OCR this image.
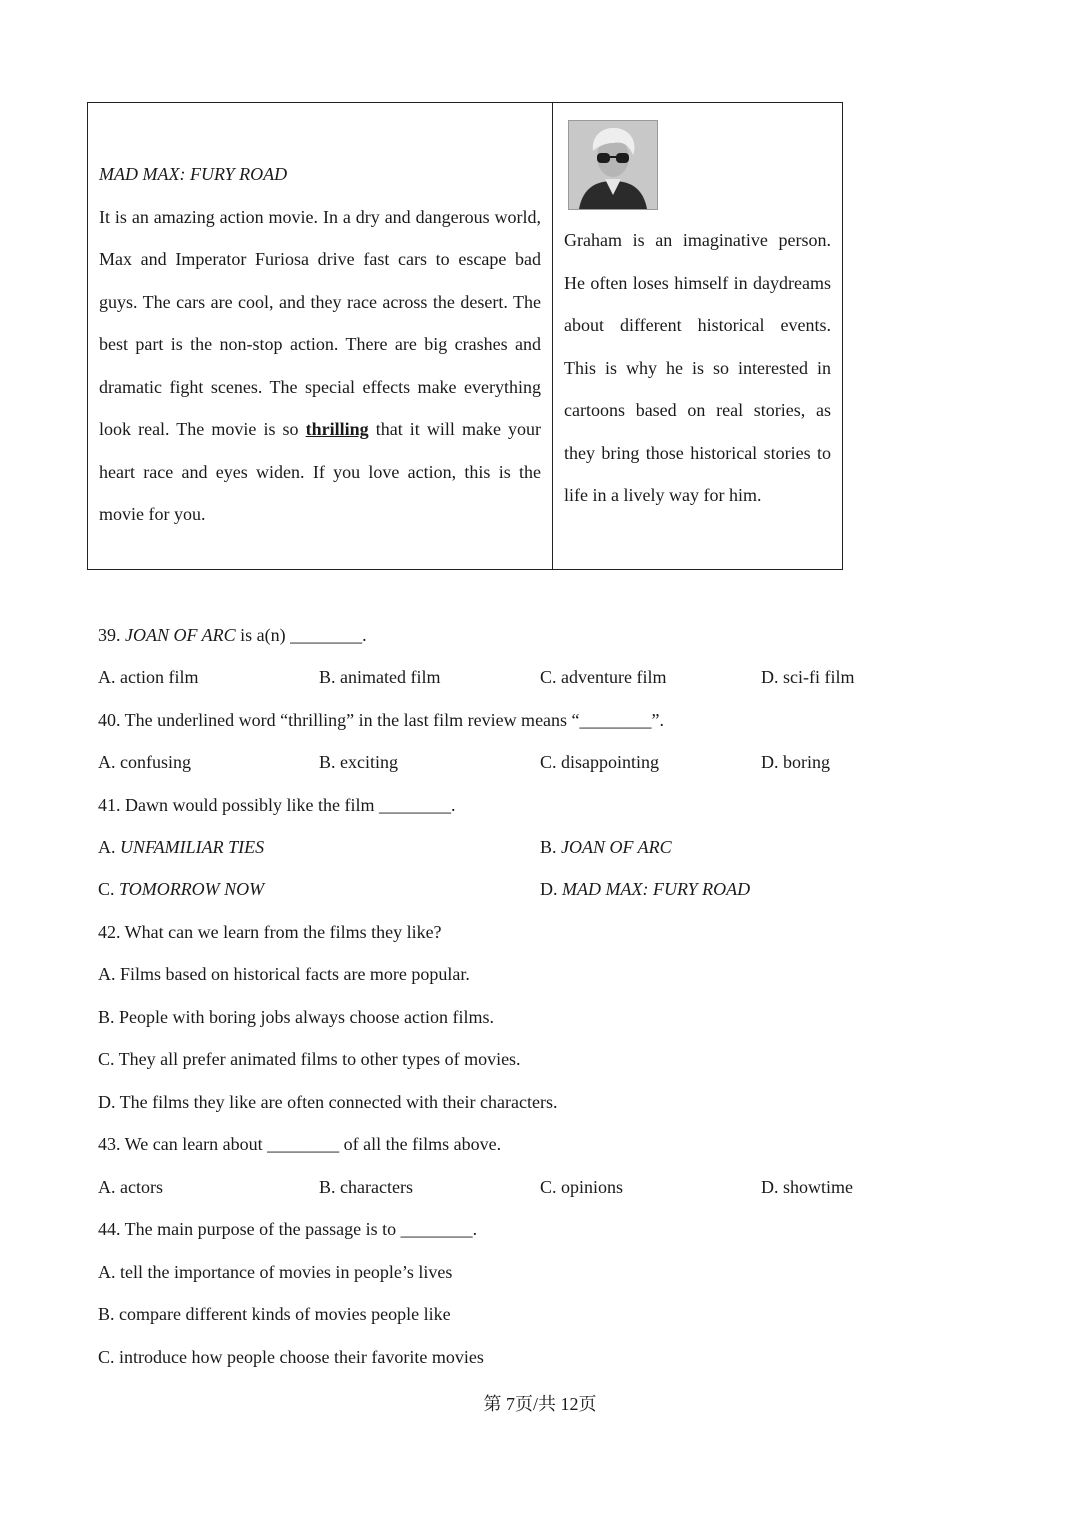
MAD MAX: FURY ROAD

It is an amazing action movie. In a dry and dangerous world, Max and Imperator Furiosa drive fast cars to escape bad guys. The cars are cool, and they race across the desert. The best part is the non-stop action. There are big crashes and dramatic fight scenes. The special effects make everything look real. The movie is so thrilling that it will make your heart race and eyes widen. If you love action, this is the movie for you.

Graham is an imaginative person. He often loses himself in daydreams about different historical events. This is why he is so interested in cartoons based on real stories, as they bring those historical stories to life in a lively way for him.

39. JOAN OF ARC is a(n) ________.
A. action film	B. animated film	C. adventure film	D. sci-fi film
40. The underlined word “thrilling” in the last film review means “________”.
A. confusing	B. exciting	C. disappointing	D. boring
41. Dawn would possibly like the film ________.
A. UNFAMILIAR TIES	B. JOAN OF ARC
C. TOMORROW NOW	D. MAD MAX: FURY ROAD
42. What can we learn from the films they like?
A. Films based on historical facts are more popular.
B. People with boring jobs always choose action films.
C. They all prefer animated films to other types of movies.
D. The films they like are often connected with their characters.
43. We can learn about ________ of all the films above.
A. actors	B. characters	C. opinions	D. showtime
44. The main purpose of the passage is to ________.
A. tell the importance of movies in people’s lives
B. compare different kinds of movies people like
C. introduce how people choose their favorite movies
第 7页/共 12页
